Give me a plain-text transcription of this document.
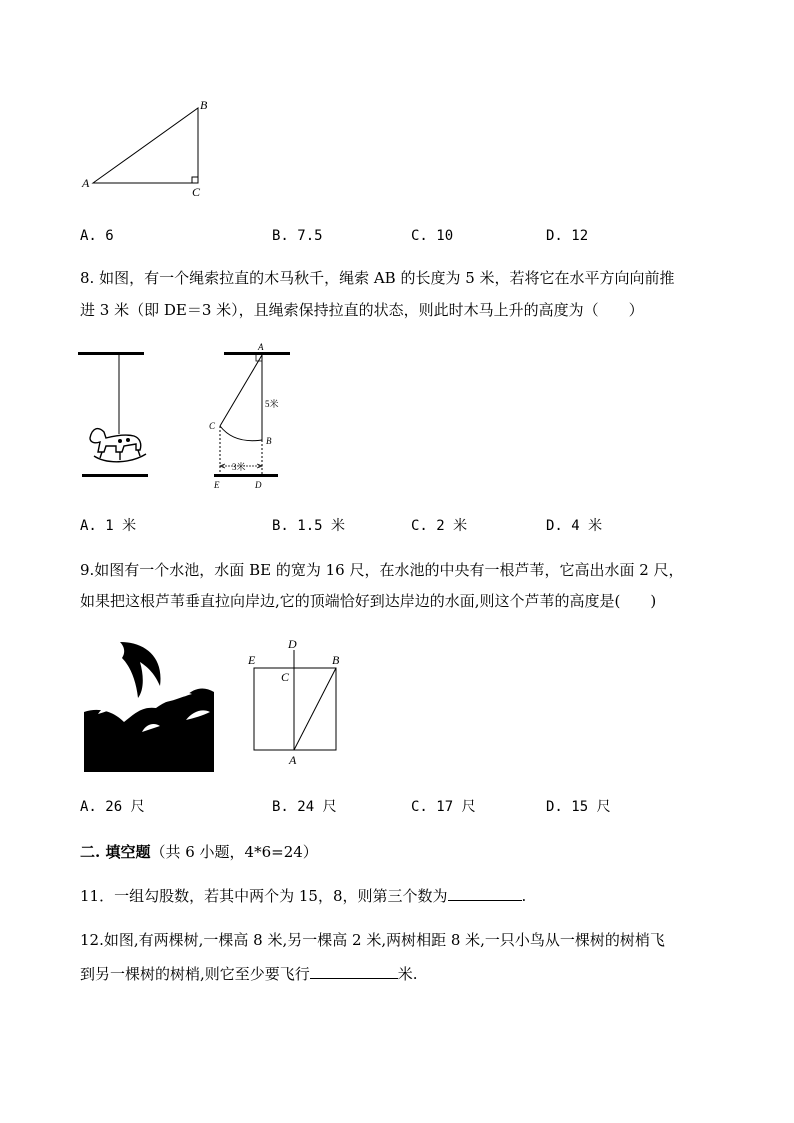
A
B
C
A. 6	B. 7.5	C. 10	D. 12
8. 如图，有一个绳索拉直的木马秋千，绳索 AB 的长度为 5 米，若将它在水平方向向前推
进 3 米（即 DE＝3 米），且绳索保持拉直的状态，则此时木马上升的高度为（　　）
A
C
B
5米
3米
E	D
A. 1 米	B. 1.5 米	C. 2 米	D. 4 米
9.如图有一个水池，水面 BE 的宽为 16 尺，在水池的中央有一根芦苇，它高出水面 2 尺，
如果把这根芦苇垂直拉向岸边,它的顶端恰好到达岸边的水面,则这个芦苇的高度是(　　)
D
E	B
C
A
A. 26 尺	B. 24 尺	C. 17 尺	D. 15 尺
二. 填空题（共 6 小题，4*6=24）
11．一组勾股数，若其中两个为 15，8，则第三个数为	.
12.如图,有两棵树,一棵高 8 米,另一棵高 2 米,两树相距 8 米,一只小鸟从一棵树的树梢飞
到另一棵树的树梢,则它至少要飞行	米.
